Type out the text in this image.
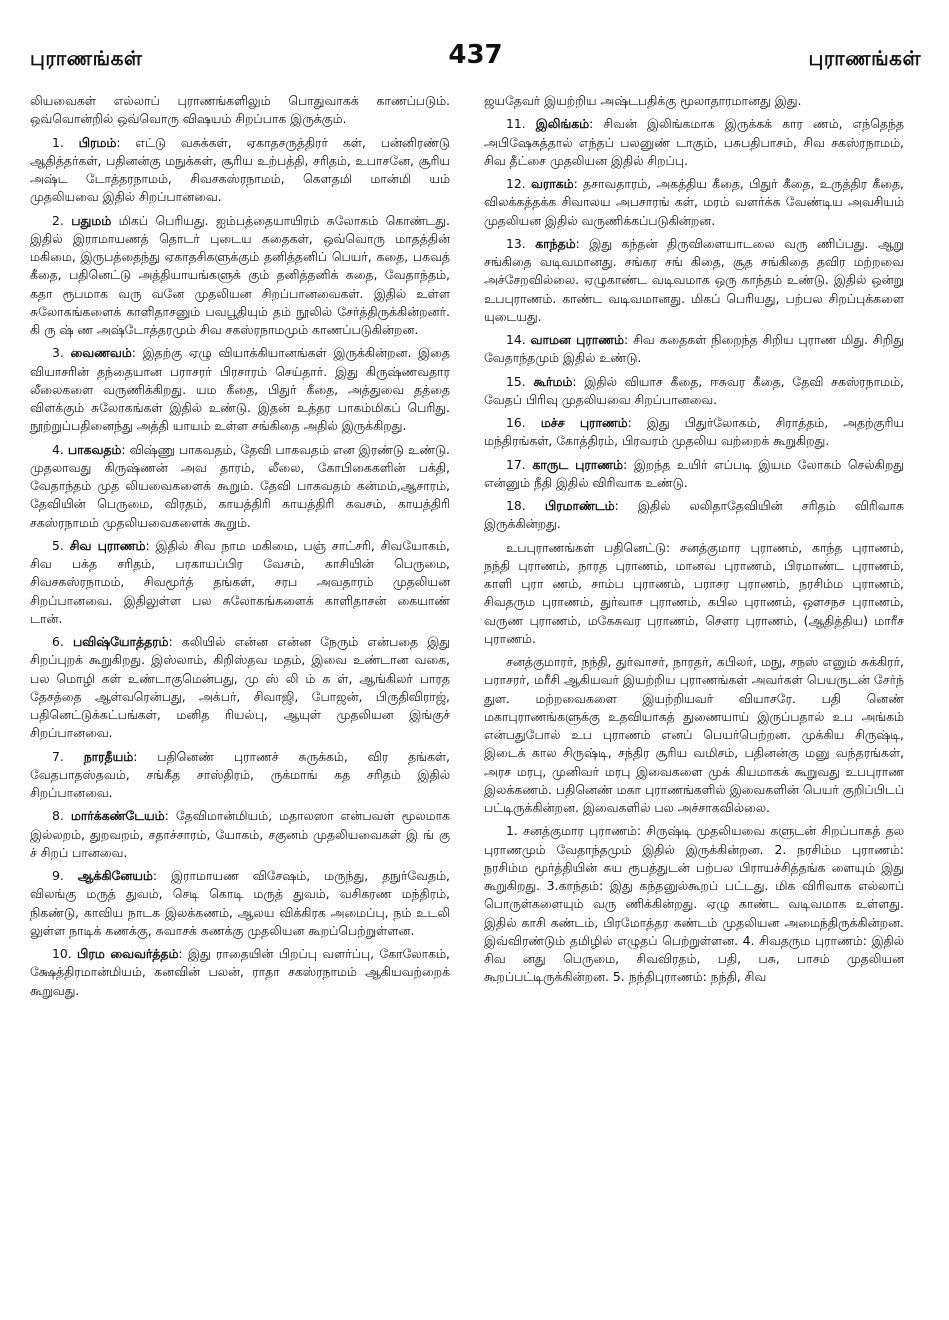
புராணங்கள்	437	புராணங்கள்

லியவைகள் எல்லாப் புராணங்களிலும் பொதுவாகக் காணப்படும். ஒவ்வொன்றில் ஒவ்வொரு விஷயம் சிறப்பாக இருக்கும்.

1. பிரமம்: எட்டு வசுக்கள், ஏகாதசருத்திரர் கள், பன்னிரண்டு ஆதித்தர்கள், பதினன்கு மநுக்கள், சூரிய உற்பத்தி, சரிதம், உபாசனே, சூரிய அஷ்ட டோத்தரநாமம், சிவசகஸ்ரநாமம், கௌதமி மான்மி யம் முதலியவை இதில் சிறப்பானவை.

2. பதுமம் மிகப் பெரியது. ஐம்பத்தையாயிரம் சுலோகம் கொண்டது. இதில் இராமாயணத் தொடர் புடைய கதைகள், ஒவ்வொரு மாதத்தின் மகிமை, இருபத்தைந்து ஏகாதசிகளுக்கும் தனித்தனிப் பெயர், கதை, பகவத் கீதை, பதினெட்டு அத்தியாயங்களுக் கும் தனித்தனிக் கதை, வேதாந்தம், கதா ரூபமாக வரு வனே முதலியன சிறப்பானவைகள். இதில் உள்ள சுலோகங்களைக் காளிதாசனும் பவபூதியும் தம் நூலில் சேர்த்திருக்கின்றனர். கி ரு ஷ் ண அஷ்டோத்தரமும் சிவ சகஸ்ரநாமமும் காணப்படுகின்றன.

3. வைணவம்: இதற்கு ஏழு வியாக்கியானங்கள் இருக்கின்றன. இதை வியாசரின் தந்தையான பராசரர் பிரசாரம் செய்தார். இது கிருஷ்ணவதார லீலைகளை வருணிக்கிறது. யம கீதை, பிதுர் கீதை, அத்துவை தத்தை விளக்கும் சுலோகங்கள் இதில் உண்டு. இதன் உத்தர பாகம்மிகப் பெரிது. நூற்றுப்பதினைந்து அத்தி யாயம் உள்ள சங்கிதை அதில் இருக்கிறது.

4. பாகவதம்: விஷ்ணு பாகவதம், தேவி பாகவதம் என இரண்டு உண்டு. முதலாவது கிருஷ்ணன் அவ தாரம், லீலை, கோபிகைகளின் பக்தி, வேதாந்தம் முத லியவைகளைக் கூறும். தேவி பாகவதம் கன்மம்,ஆசாரம், தேவியின் பெருமை, விரதம், காயத்திரி காயத்திரி கவசம், காயத்திரி சகஸ்ரநாமம் முதலியவைகளைக் கூறும்.

5. சிவ புராணம்: இதில் சிவ நாம மகிமை, பஞ் சாட்சரி, சிவயோகம், சிவ பக்த சரிதம், பரகாயப்பிர வேசம், காசியின் பெருமை, சிவசகஸ்ரநாமம், சிவமூர்த் தங்கள், சரப அவதாரம் முதலியன சிறப்பானவை. இதிலுள்ள பல சுலோகங்களைக் காளிதாசன் கையாண் டான்.

6. பவிஷ்யோத்தரம்: கலியில் என்ன என்ன நேரும் என்பதை இது சிறப்புறக் கூறுகிறது. இஸ்லாம், கிறிஸ்தவ மதம், இவை உண்டான வகை, பல மொழி கள் உண்டாகுமென்பது, மு ஸ் லி ம் க ள், ஆங்கிலர் பாரத தேசத்தை ஆள்வரென்பது, அக்பர், சிவாஜி, போஜன், பிருதிவிராஜ், பதினெட்டுக்கட்பங்கள், மனித ரியல்பு, ஆயுள் முதலியன இங்குச் சிறப்பானவை.

7. நாரதீயம்: பதினெண் புராணச் சுருக்கம், விர தங்கள், வேதபாதஸ்தவம், சங்கீத சாஸ்திரம், ருக்மாங் கத சரிதம் இதில் சிறப்பானவை.

8. மார்க்கண்டேயம்: தேவிமான்மியம், மதாலஸா என்பவள் மூலமாக இல்லறம், துறவறம், சதாச்சாரம், யோகம், சகுனம் முதலியவைகள் இ ங் கு ச் சிறப் பானவை.

9. ஆக்கினேயம்: இராமாயண விசேஷம், மருந்து, தநுர்வேதம், விலங்கு மருத் துவம், செடி கொடி மருத் துவம், வசிகரண மந்திரம், நிகண்டு, காவிய நாடக இலக்கணம், ஆலய விக்கிரக அமைப்பு, நம் உடலி லுள்ள நாடிக் கணக்கு, சுவாசக் கணக்கு முதலியன கூறப்பெற்றுள்ளன.

10. பிரம வைவர்த்தம்: இது ராதையின் பிறப்பு வளர்ப்பு, கோலோகம், க்ஷேத்திரமான்மியம், கனவின் பலன், ராதா சகஸ்ரநாமம் ஆகியவற்றைக் கூறுவது.

ஜயதேவர் இயற்றிய அஷ்டபதிக்கு மூலாதாரமானது இது.

11. இலிங்கம்: சிவன் இலிங்கமாக இருக்கக் கார ணம், எந்தெந்த அபிஷேகத்தால் எந்தப் பலனுண் டாகும், பசுபதிபாசம், சிவ சகஸ்ரநாமம், சிவ தீட்சை முதலியன இதில் சிறப்பு.

12. வராகம்: தசாவதாரம், அகத்திய கீதை, பிதுர் கீதை, உருத்திர கீதை, விலக்கத்தக்க சிவாலய அபசாரங் கள், மரம் வளர்க்க வேண்டிய அவசியம் முதலியன இதில் வருணிக்கப்படுகின்றன.

13. காந்தம்: இது கந்தன் திருவிளையாடலை வரு ணிப்பது. ஆறு சங்கிதை வடிவமானது. சங்கர சங் கிதை, சூத சங்கிதை தவிர மற்றவை அச்சேறவில்லை. ஏழுகாண்ட வடிவமாக ஒரு காந்தம் உண்டு. இதில் ஒன்று உபபுராணம். காண்ட வடிவமானது. மிகப் பெரியது, பற்பல சிறப்புக்களை யுடையது.

14. வாமன புராணம்: சிவ கதைகள் நிறைந்த சிறிய புராண மிது. சிறிது வேதாந்தமும் இதில் உண்டு.

15. கூர்மம்: இதில் வியாச கீதை, ஈசுவர கீதை, தேவி சகஸ்ரநாமம், வேதப் பிரிவு முதலியவை சிறப்பானவை.

16. மச்ச புராணம்: இது பிதுர்லோகம், சிராத்தம், அதற்குரிய மந்திரங்கள், கோத்திரம், பிரவரம் முதலிய வற்றைக் கூறுகிறது.

17. காருட புராணம்: இறந்த உயிர் எப்படி இயம லோகம் செல்கிறது என்னும் நீதி இதில் விரிவாக உண்டு.

18. பிரமாண்டம்: இதில் லலிதாதேவியின் சரிதம் விரிவாக இருக்கின்றது.

உபபுராணங்கள் பதினெட்டு: சனத்குமார புராணம், காந்த புராணம், நந்தி புராணம், நாரத புராணம், மானவ புராணம், பிரமாண்ட புராணம், காளி புரா ணம், சாம்ப புராணம், பராசர புராணம், நரசிம்ம புராணம், சிவதரும புராணம், துர்வாச புராணம், கபில புராணம், ஔசநச புராணம், வருண புராணம், மகேசுவர புராணம், சௌர புராணம், (ஆதித்திய) மாரீச புராணம்.

சனத்குமாரர், நந்தி, துர்வாசர், நாரதர், கபிலர், மநு, சநஸ் எனும் சுக்கிரர், பராசரர், மரீசி ஆகியவர் இயற்றிய புராணங்கள் அவர்கள் பெயருடன் சேர்ந் துள. மற்றவைகளை இயற்றியவர் வியாசரே. பதி னெண் மகாபுராணங்களுக்கு உதவியாகத் துணையாய் இருப்பதால் உப அங்கம் என்பதுபோல் உப புராணம் எனப் பெயர்பெற்றன. முக்கிய சிருஷ்டி, இடைக் கால சிருஷ்டி, சந்திர சூரிய வமிசம், பதினன்கு மனு வந்தரங்கள், அரச மரபு, முனிவர் மரபு இவைகளை முக் கியமாகக் கூறுவது உபபுராண இலக்கணம். பதினெண் மகா புராணங்களில் இவைகளின் பெயர் குறிப்பிடப் பட்டிருக்கின்றன. இவைகளில் பல அச்சாகவில்லை.

1. சனத்குமார புராணம்: சிருஷ்டி முதலியவை களுடன் சிறப்பாகத் தல புராணமும் வேதாந்தமும் இதில் இருக்கின்றன. 2. நரசிம்ம புராணம்: நரசிம்ம மூர்த்தியின் சுய ரூபத்துடன் பற்பல பிராயச்சித்தங்க ளையும் இது கூறுகிறது. 3.காந்தம்: இது கந்தனுல்கூறப் பட்டது. மிக விரிவாக எல்லாப் பொருள்களையும் வரு ணிக்கின்றது. ஏழு காண்ட வடிவமாக உள்ளது. இதில் காசி கண்டம், பிரமோத்தர கண்டம் முதலியன அமைந்திருக்கின்றன. இவ்விரண்டும் தமிழில் எழுதப் பெற்றுள்ளன. 4. சிவதரும புராணம்: இதில் சிவ னது பெருமை, சிவவிரதம், பதி, பசு, பாசம் முதலியன கூறப்பட்டிருக்கின்றன. 5. நந்திபுராணம்: நந்தி, சிவ
